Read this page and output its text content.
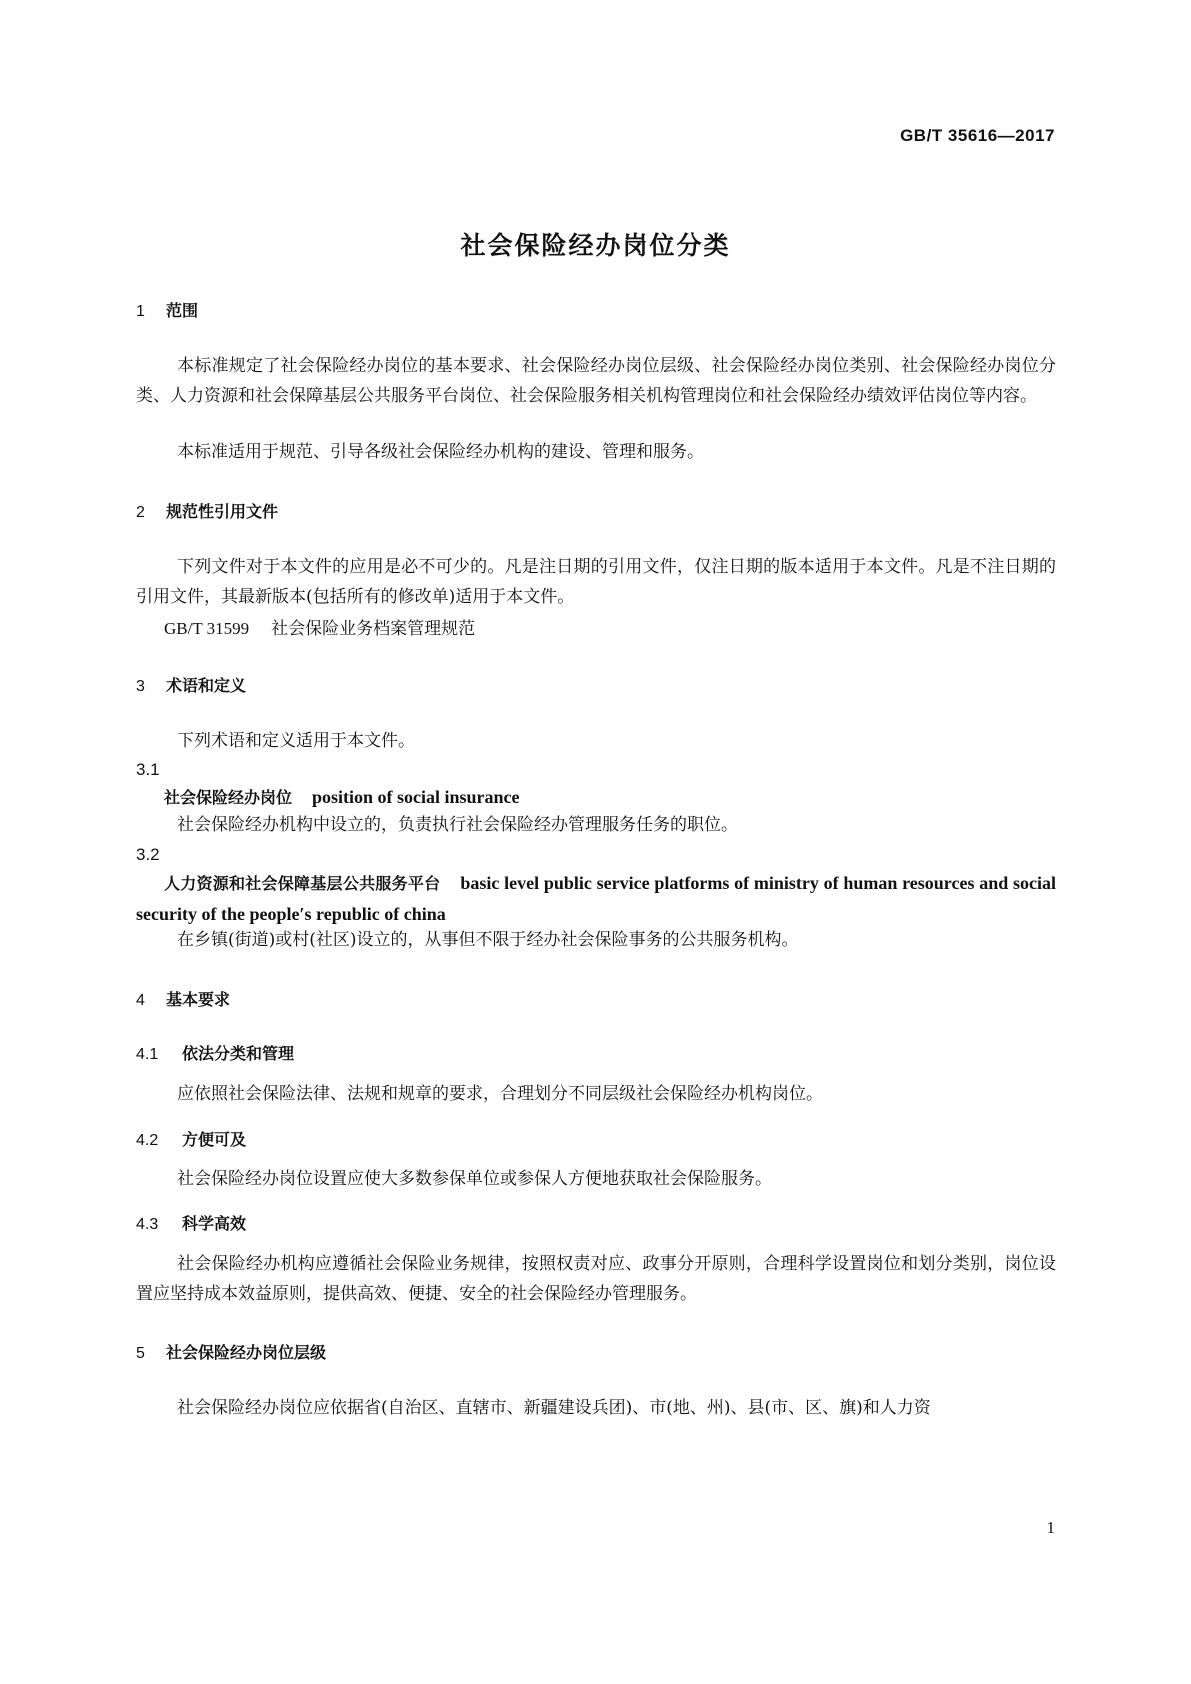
GB/T 35616—2017
社会保险经办岗位分类
1 范围
本标准规定了社会保险经办岗位的基本要求、社会保险经办岗位层级、社会保险经办岗位类别、社会保险经办岗位分类、人力资源和社会保障基层公共服务平台岗位、社会保险服务相关机构管理岗位和社会保险经办绩效评估岗位等内容。
本标准适用于规范、引导各级社会保险经办机构的建设、管理和服务。
2 规范性引用文件
下列文件对于本文件的应用是必不可少的。凡是注日期的引用文件，仅注日期的版本适用于本文件。凡是不注日期的引用文件，其最新版本(包括所有的修改单)适用于本文件。
GB/T 31599 社会保险业务档案管理规范
3 术语和定义
下列术语和定义适用于本文件。
3.1
社会保险经办岗位 position of social insurance
社会保险经办机构中设立的，负责执行社会保险经办管理服务任务的职位。
3.2
人力资源和社会保障基层公共服务平台 basic level public service platforms of ministry of human resources and social security of the people′s republic of china
在乡镇(街道)或村(社区)设立的，从事但不限于经办社会保险事务的公共服务机构。
4 基本要求
4.1 依法分类和管理
应依照社会保险法律、法规和规章的要求，合理划分不同层级社会保险经办机构岗位。
4.2 方便可及
社会保险经办岗位设置应使大多数参保单位或参保人方便地获取社会保险服务。
4.3 科学高效
社会保险经办机构应遵循社会保险业务规律，按照权责对应、政事分开原则，合理科学设置岗位和划分类别，岗位设置应坚持成本效益原则，提供高效、便捷、安全的社会保险经办管理服务。
5 社会保险经办岗位层级
社会保险经办岗位应依据省(自治区、直辖市、新疆建设兵团)、市(地、州)、县(市、区、旗)和人力资
1
